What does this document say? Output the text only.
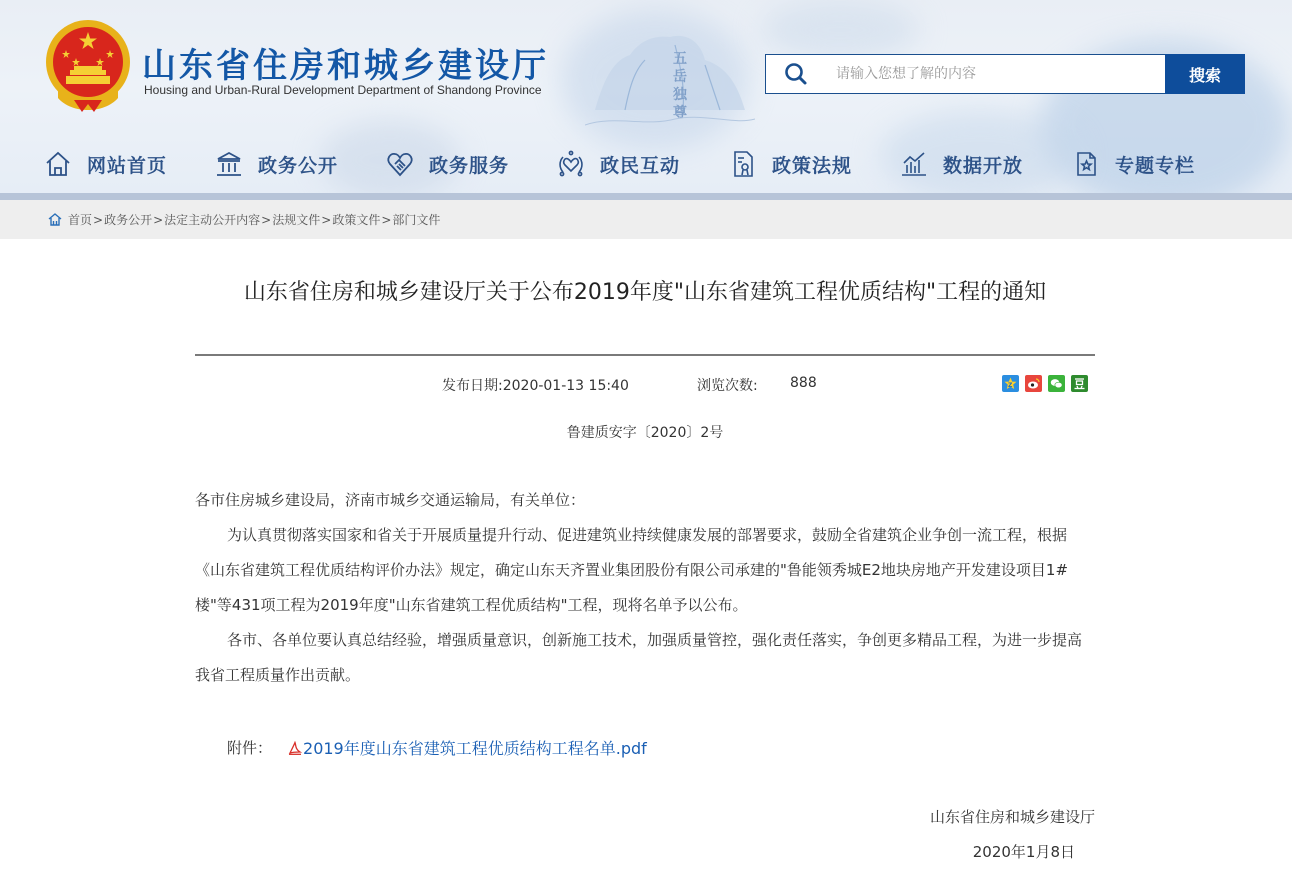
五
岳
独
尊
山东省住房和城乡建设厅
Housing and Urban-Rural Development Department of Shandong Province
请输入您想了解的内容
搜索
网站首页	政务公开	政务服务	政民互动	政策法规	数据开放	专题专栏
首页 > 政务公开 > 法定主动公开内容 > 法规文件 > 政策文件 > 部门文件
山东省住房和城乡建设厅关于公布2019年度"山东省建筑工程优质结构"工程的通知
发布日期:2020-01-13 15:40	浏览次数: 888	Z
鲁建质安字〔2020〕2号

各市住房城乡建设局，济南市城乡交通运输局，有关单位：

为认真贯彻落实国家和省关于开展质量提升行动、促进建筑业持续健康发展的部署要求，鼓励全省建筑企业争创一流工程，根据《山东省建筑工程优质结构评价办法》规定，确定山东天齐置业集团股份有限公司承建的"鲁能领秀城E2地块房地产开发建设项目1#楼"等431项工程为2019年度"山东省建筑工程优质结构"工程，现将名单予以公布。

各市、各单位要认真总结经验，增强质量意识，创新施工技术，加强质量管控，强化责任落实，争创更多精品工程，为进一步提高我省工程质量作出贡献。

附件： 2019年度山东省建筑工程优质结构工程名单.pdf
山东省住房和城乡建设厅
2020年1月8日
